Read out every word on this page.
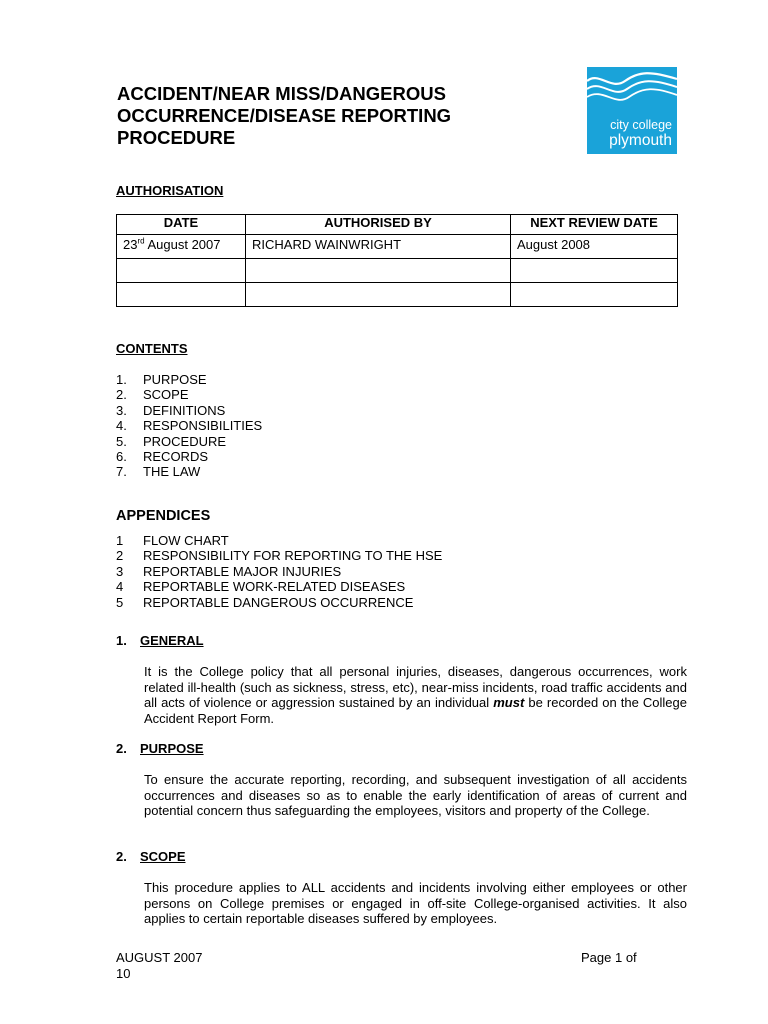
ACCIDENT/NEAR MISS/DANGEROUS
OCCURRENCE/DISEASE REPORTING
PROCEDURE
city college
plymouth
AUTHORISATION
DATE	AUTHORISED BY	NEXT REVIEW DATE
23rd August 2007	RICHARD WAINWRIGHT	August 2008

CONTENTS
1.	PURPOSE
2.	SCOPE
3.	DEFINITIONS
4.	RESPONSIBILITIES
5.	PROCEDURE
6.	RECORDS
7.	THE LAW
APPENDICES
1	FLOW CHART
2	RESPONSIBILITY FOR REPORTING TO THE HSE
3	REPORTABLE MAJOR INJURIES
4	REPORTABLE WORK-RELATED DISEASES
5	REPORTABLE DANGEROUS OCCURRENCE
1. GENERAL
It is the College policy that all personal injuries, diseases, dangerous occurrences, work related ill-health (such as sickness, stress, etc), near-miss incidents, road traffic accidents and all acts of violence or aggression sustained by an individual must be recorded on the College Accident Report Form.
2. PURPOSE
To ensure the accurate reporting, recording, and subsequent investigation of all accidents occurrences and diseases so as to enable the early identification of areas of current and potential concern thus safeguarding the employees, visitors and property of the College.
2. SCOPE
This procedure applies to ALL accidents and incidents involving either employees or other persons on College premises or engaged in off-site College-organised activities. It also applies to certain reportable diseases suffered by employees.
AUGUST 2007
10
Page 1 of
